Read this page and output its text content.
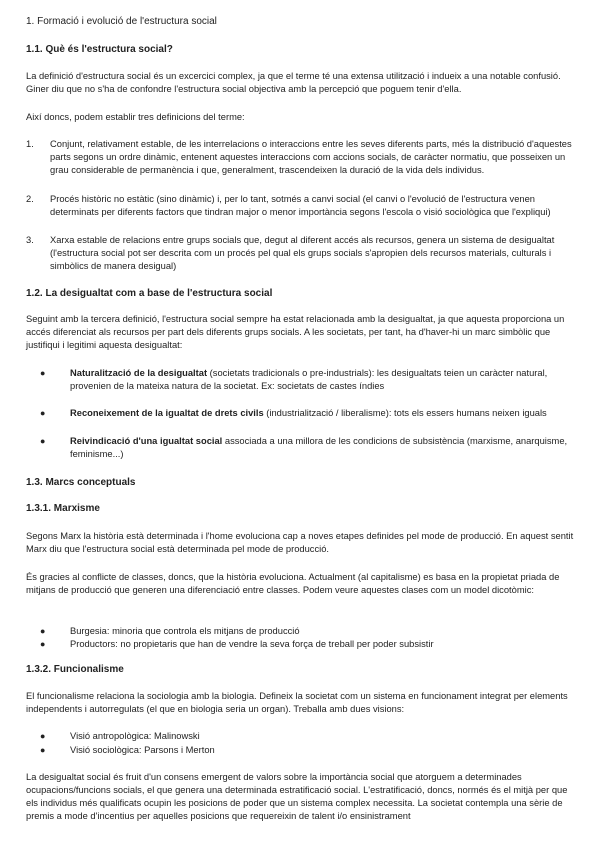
1. Formació i evolució de l'estructura social

1.1. Què és l'estructura social?

La definició d'estructura social és un excercici complex, ja que el terme té una extensa utilització i indueix a una notable confusió. Giner diu que no s'ha de confondre l'estructura social objectiva amb la percepció que poguem tenir d'ella.

Així doncs, podem establir tres definicions del terme:

1. Conjunt, relativament estable, de les interrelacions o interaccions entre les seves diferents parts, més la distribució d'aquestes parts segons un ordre dinàmic, entenent aquestes interaccions com accions socials, de caràcter normatiu, que posseixen un grau considerable de permanència i que, generalment, trascendeixen la duració de la vida dels individus.

2. Procés històric no estàtic (sino dinàmic) i, per lo tant, sotmés a canvi social (el canvi o l'evolució de l'estructura venen determinats per diferents factors que tindran major o menor importància segons l'escola o visió sociològica que l'expliqui)

3. Xarxa estable de relacions entre grups socials que, degut al diferent accés als recursos, genera un sistema de desigualtat (l'estructura social pot ser descrita com un procés pel qual els grups socials s'apropien dels recursos materials, culturals i simbòlics de manera desigual)

1.2. La desigualtat com a base de l'estructura social

Seguint amb la tercera definició, l'estructura social sempre ha estat relacionada amb la desigualtat, ja que aquesta proporciona un accés diferenciat als recursos per part dels diferents grups socials. A les societats, per tant, ha d'haver-hi un marc simbòlic que justifiqui i legitimi aquesta desigualtat:

●	Naturalització de la desigualtat (societats tradicionals o pre-industrials): les desigualtats teien un caràcter natural, provenien de la mateixa natura de la societat. Ex: societats de castes índies

●	Reconeixement de la igualtat de drets civils (industrialització / liberalisme): tots els essers humans neixen iguals

●	Reivindicació d'una igualtat social associada a una millora de les condicions de subsistència (marxisme, anarquisme, feminisme...)

1.3. Marcs conceptuals

1.3.1. Marxisme

Segons Marx la història està determinada i l'home evoluciona cap a noves etapes definides pel mode de producció. En aquest sentit Marx diu que l'estructura social està determinada pel mode de producció.

És gracies al conflicte de classes, doncs, que la història evoluciona. Actualment (al capitalisme) es basa en la propietat priada de mitjans de producció que generen una diferenciació entre classes. Podem veure aquestes clases com un model dicotòmic:

●	Burgesia: minoria que controla els mitjans de producció

●	Productors: no propietaris que han de vendre la seva força de treball per poder subsistir

1.3.2. Funcionalisme

El funcionalisme relaciona la sociologia amb la biologia. Defineix la societat com un sistema en funcionament integrat per elements independents i autorregulats (el que en biologia seria un organ). Treballa amb dues visions:

●	Visió antropològica: Malinowski

●	Visió sociològica: Parsons i Merton

La desigualtat social és fruit d'un consens emergent de valors sobre la importància social que atorguem a determinades ocupacions/funcions socials, el que genera una determinada estratificació social. L'estratificació, doncs, normés és el mitjà per que els individus més qualificats ocupin les posicions de poder que un sistema complex necessita. La societat contempla una sèrie de premis a mode d'incentius per aquelles posicions que requereixin de talent i/o ensinistrament
